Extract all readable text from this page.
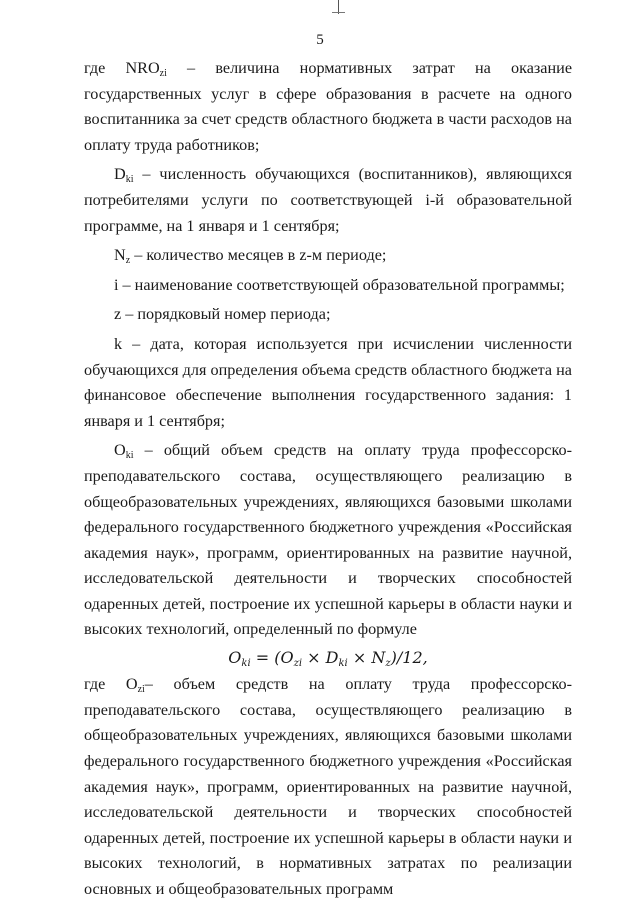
5

где $NRO_{zi}$ – величина нормативных затрат на оказание государственных услуг в сфере образования в расчете на одного воспитанника за счет средств областного бюджета в части расходов на оплату труда работников;

$D_{ki}$ – численность обучающихся (воспитанников), являющихся потребителями услуги по соответствующей i-й образовательной программе, на 1 января и 1 сентября;

$N_z$ – количество месяцев в z-м периоде;

i – наименование соответствующей образовательной программы;

z – порядковый номер периода;

k – дата, которая используется при исчислении численности обучающихся для определения объема средств областного бюджета на финансовое обеспечение выполнения государственного задания: 1 января и 1 сентября;

$O_{ki}$ – общий объем средств на оплату труда профессорско-преподавательского состава, осуществляющего реализацию в общеобразовательных учреждениях, являющихся базовыми школами федерального государственного бюджетного учреждения «Российская академия наук», программ, ориентированных на развитие научной, исследовательской деятельности и творческих способностей одаренных детей, построение их успешной карьеры в области науки и высоких технологий, определенный по формуле

$O_{ki} = (O_{zi} \times D_{ki} \times N_z)/12$,

где $O_{zi}-$ объем средств на оплату труда профессорско-преподавательского состава, осуществляющего реализацию в общеобразовательных учреждениях, являющихся базовыми школами федерального государственного бюджетного учреждения «Российская академия наук», программ, ориентированных на развитие научной, исследовательской деятельности и творческих способностей одаренных детей, построение их успешной карьеры в области науки и высоких технологий, в нормативных затратах по реализации основных и общеобразовательных программ
